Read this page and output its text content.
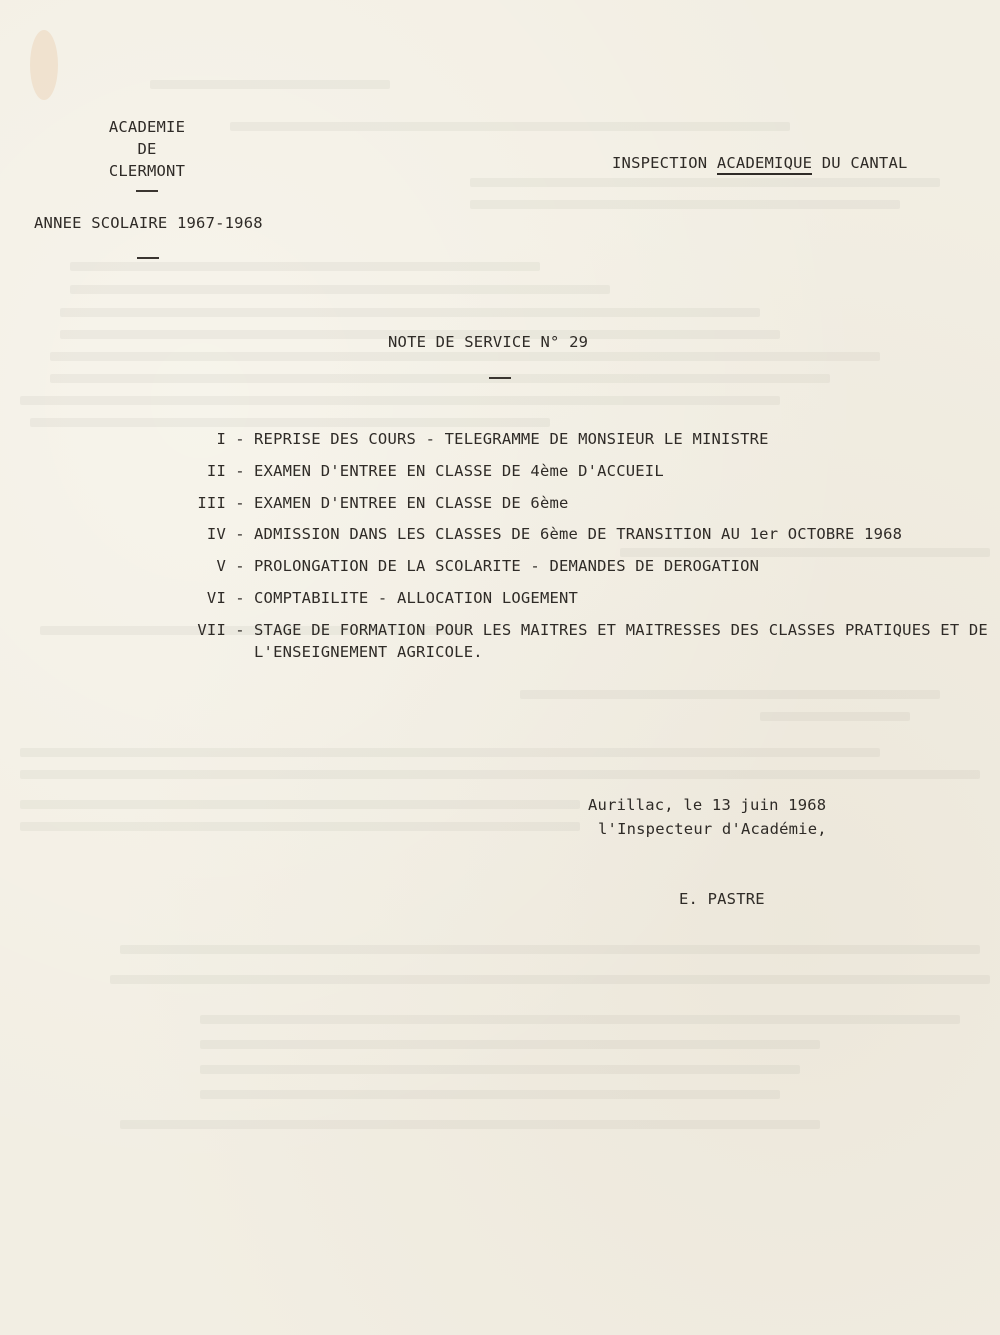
ACADEMIE
DE
CLERMONT	INSPECTION ACADEMIQUE DU CANTAL
ANNEE SCOLAIRE 1967-1968
NOTE DE SERVICE N° 29
I - REPRISE DES COURS - TELEGRAMME DE MONSIEUR LE MINISTRE
II - EXAMEN D'ENTREE EN CLASSE DE 4ème D'ACCUEIL
III - EXAMEN D'ENTREE EN CLASSE DE 6ème
IV - ADMISSION DANS LES CLASSES DE 6ème DE TRANSITION AU 1er OCTOBRE 1968
V - PROLONGATION DE LA SCOLARITE - DEMANDES DE DEROGATION
VI - COMPTABILITE - ALLOCATION LOGEMENT
VII - STAGE DE FORMATION POUR LES MAITRES ET MAITRESSES DES CLASSES PRATIQUES ET DE L'ENSEIGNEMENT AGRICOLE.
Aurillac, le 13 juin 1968
l'Inspecteur d'Académie,
E. PASTRE
